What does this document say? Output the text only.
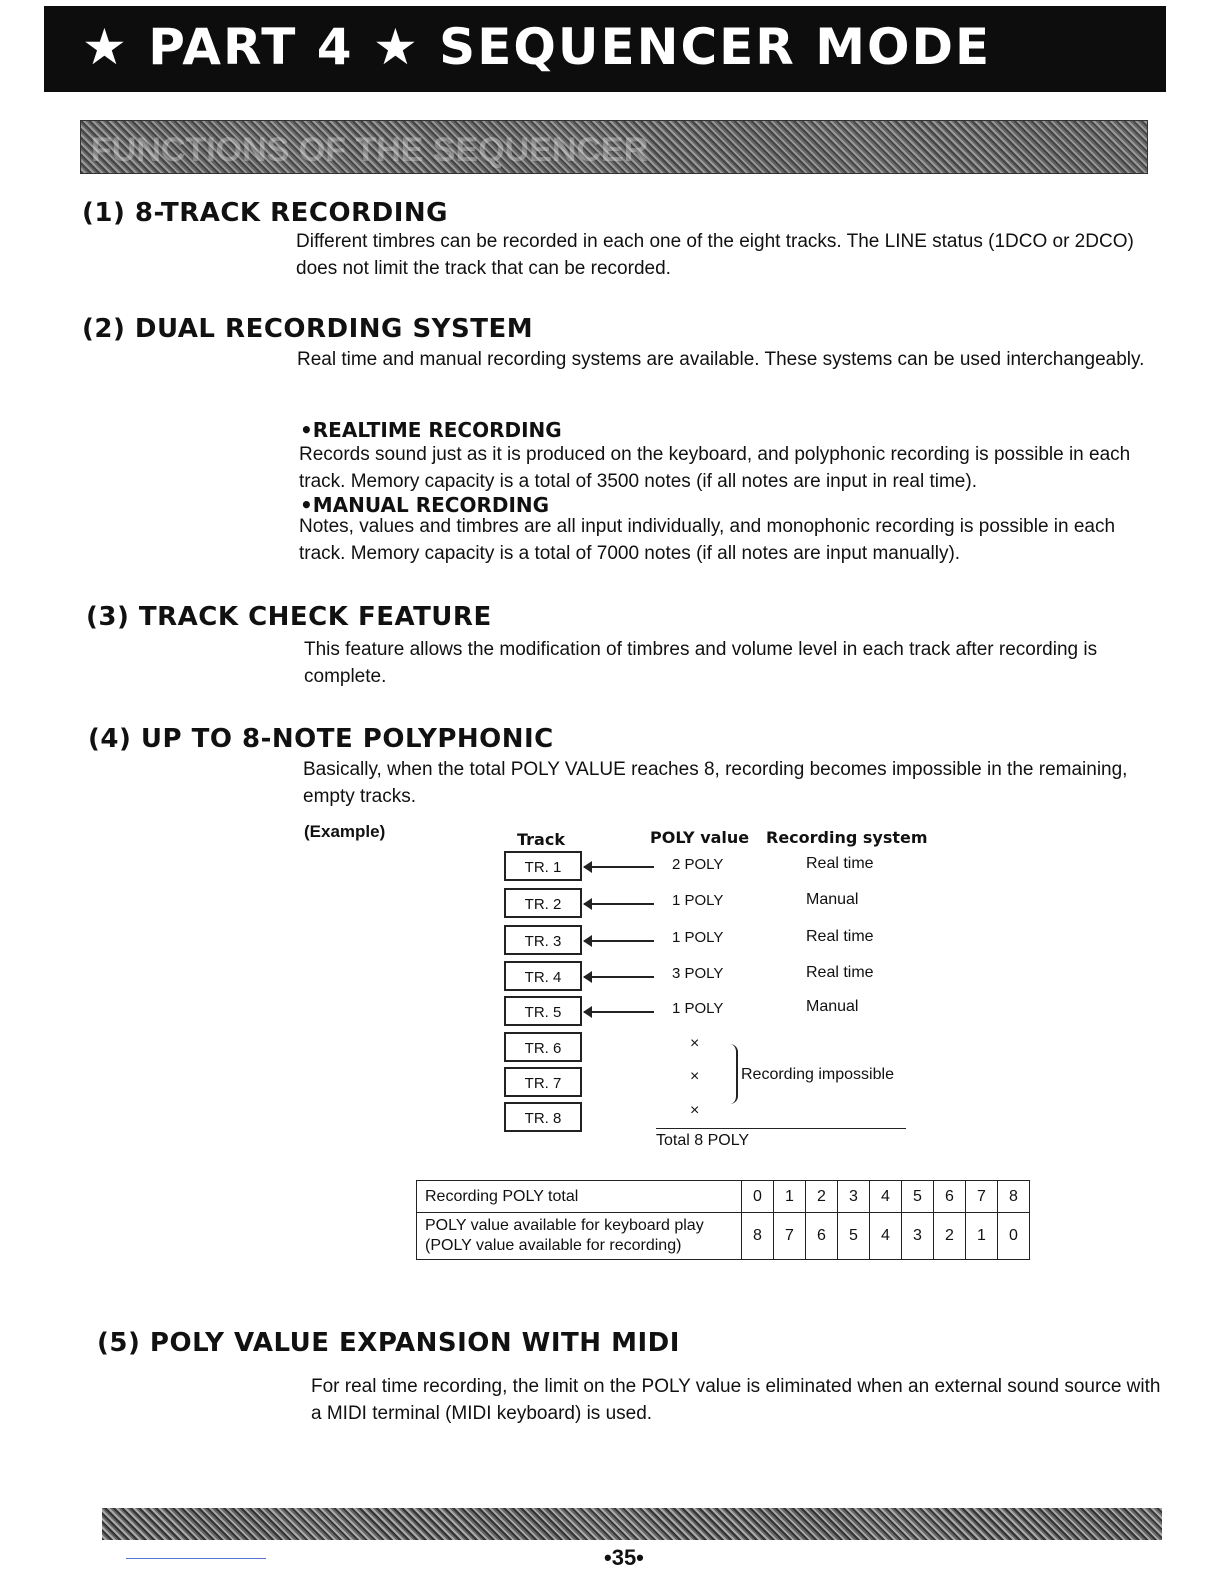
★ PART 4 ★ SEQUENCER MODE
FUNCTIONS OF THE SEQUENCER
(1) 8-TRACK RECORDING
Different timbres can be recorded in each one of the eight tracks. The LINE status (1DCO or 2DCO) does not limit the track that can be recorded.
(2) DUAL RECORDING SYSTEM
Real time and manual recording systems are available. These systems can be used interchangeably.
•REALTIME RECORDING
Records sound just as it is produced on the keyboard, and polyphonic recording is possible in each track. Memory capacity is a total of 3500 notes (if all notes are input in real time).
•MANUAL RECORDING
Notes, values and timbres are all input individually, and monophonic recording is possible in each track. Memory capacity is a total of 7000 notes (if all notes are input manually).
(3) TRACK CHECK FEATURE
This feature allows the modification of timbres and volume level in each track after recording is complete.
(4) UP TO 8-NOTE POLYPHONIC
Basically, when the total POLY VALUE reaches 8, recording becomes impossible in the remaining, empty tracks.
(Example)	Track	POLY value Recording system
TR. 1	2 POLY	Real time
TR. 2	1 POLY	Manual
TR. 3	1 POLY	Real time
TR. 4	3 POLY	Real time
TR. 5	1 POLY	Manual
TR. 6	×
TR. 7	×
TR. 8	×
Recording impossible
Total 8 POLY
Recording POLY total	0	1	2	3	4	5	6	7	8

POLY value available for keyboard play
(POLY value available for recording)	8	7	6	5	4	3	2	1	0
(5) POLY VALUE EXPANSION WITH MIDI
For real time recording, the limit on the POLY value is eliminated when an external sound source with a MIDI terminal (MIDI keyboard) is used.
•35•
